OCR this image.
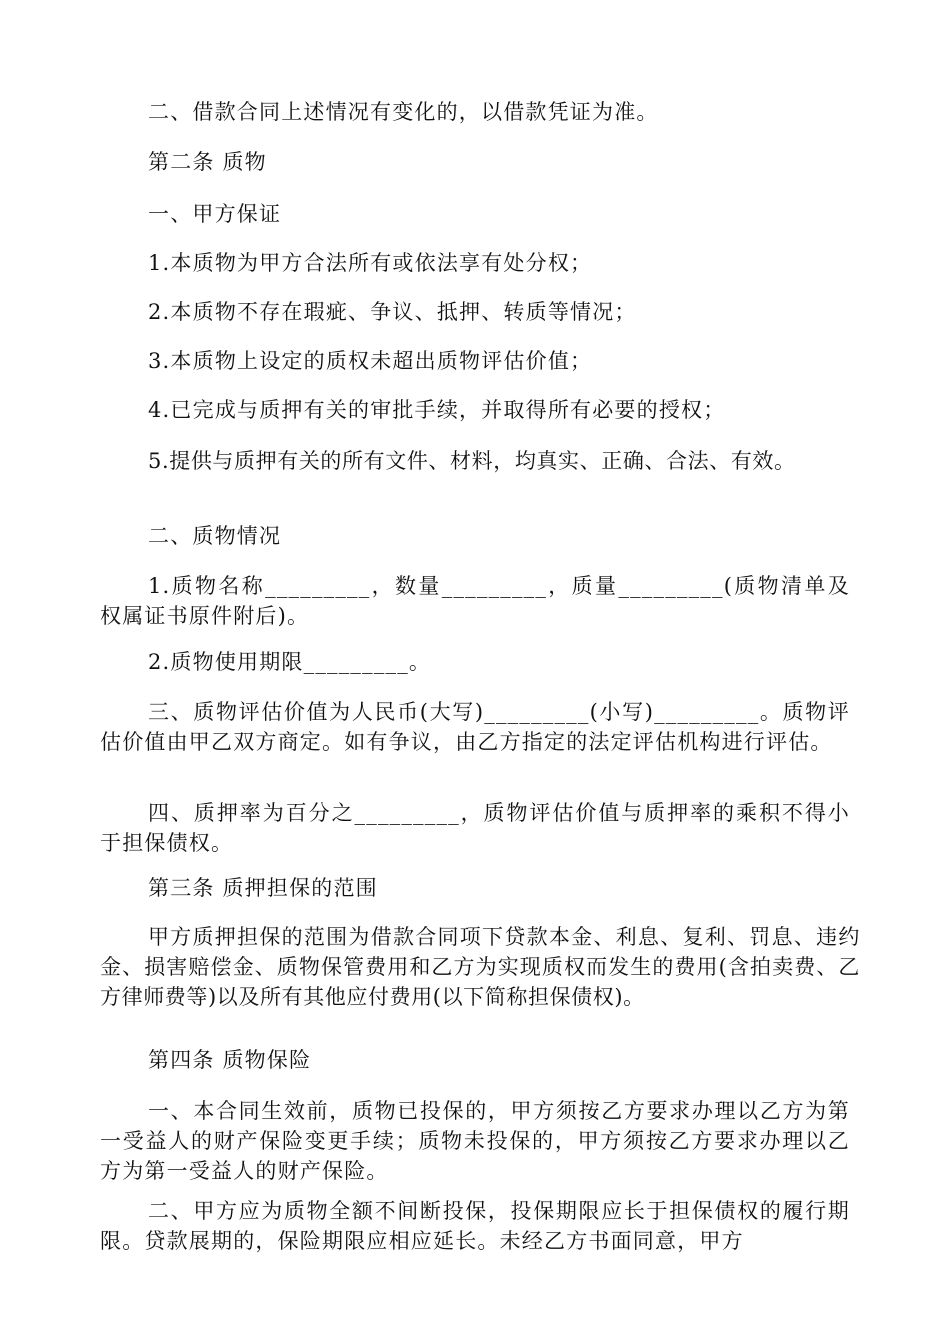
二、借款合同上述情况有变化的，以借款凭证为准。

第二条 质物

一、甲方保证

1.本质物为甲方合法所有或依法享有处分权；

2.本质物不存在瑕疵、争议、抵押、转质等情况；

3.本质物上设定的质权未超出质物评估价值；

4.已完成与质押有关的审批手续，并取得所有必要的授权；

5.提供与质押有关的所有文件、材料，均真实、正确、合法、有效。

二、质物情况

1.质物名称_________，数量_________，质量_________(质物清单及权属证书原件附后)。

2.质物使用期限_________。

三、质物评估价值为人民币(大写)_________(小写)_________。质物评估价值由甲乙双方商定。如有争议，由乙方指定的法定评估机构进行评估。

四、质押率为百分之_________，质物评估价值与质押率的乘积不得小于担保债权。

第三条 质押担保的范围

甲方质押担保的范围为借款合同项下贷款本金、利息、复利、罚息、违约金、损害赔偿金、质物保管费用和乙方为实现质权而发生的费用(含拍卖费、乙方律师费等)以及所有其他应付费用(以下简称担保债权)。

第四条 质物保险

一、本合同生效前，质物已投保的，甲方须按乙方要求办理以乙方为第一受益人的财产保险变更手续；质物未投保的，甲方须按乙方要求办理以乙方为第一受益人的财产保险。

二、甲方应为质物全额不间断投保，投保期限应长于担保债权的履行期限。贷款展期的，保险期限应相应延长。未经乙方书面同意，甲方
